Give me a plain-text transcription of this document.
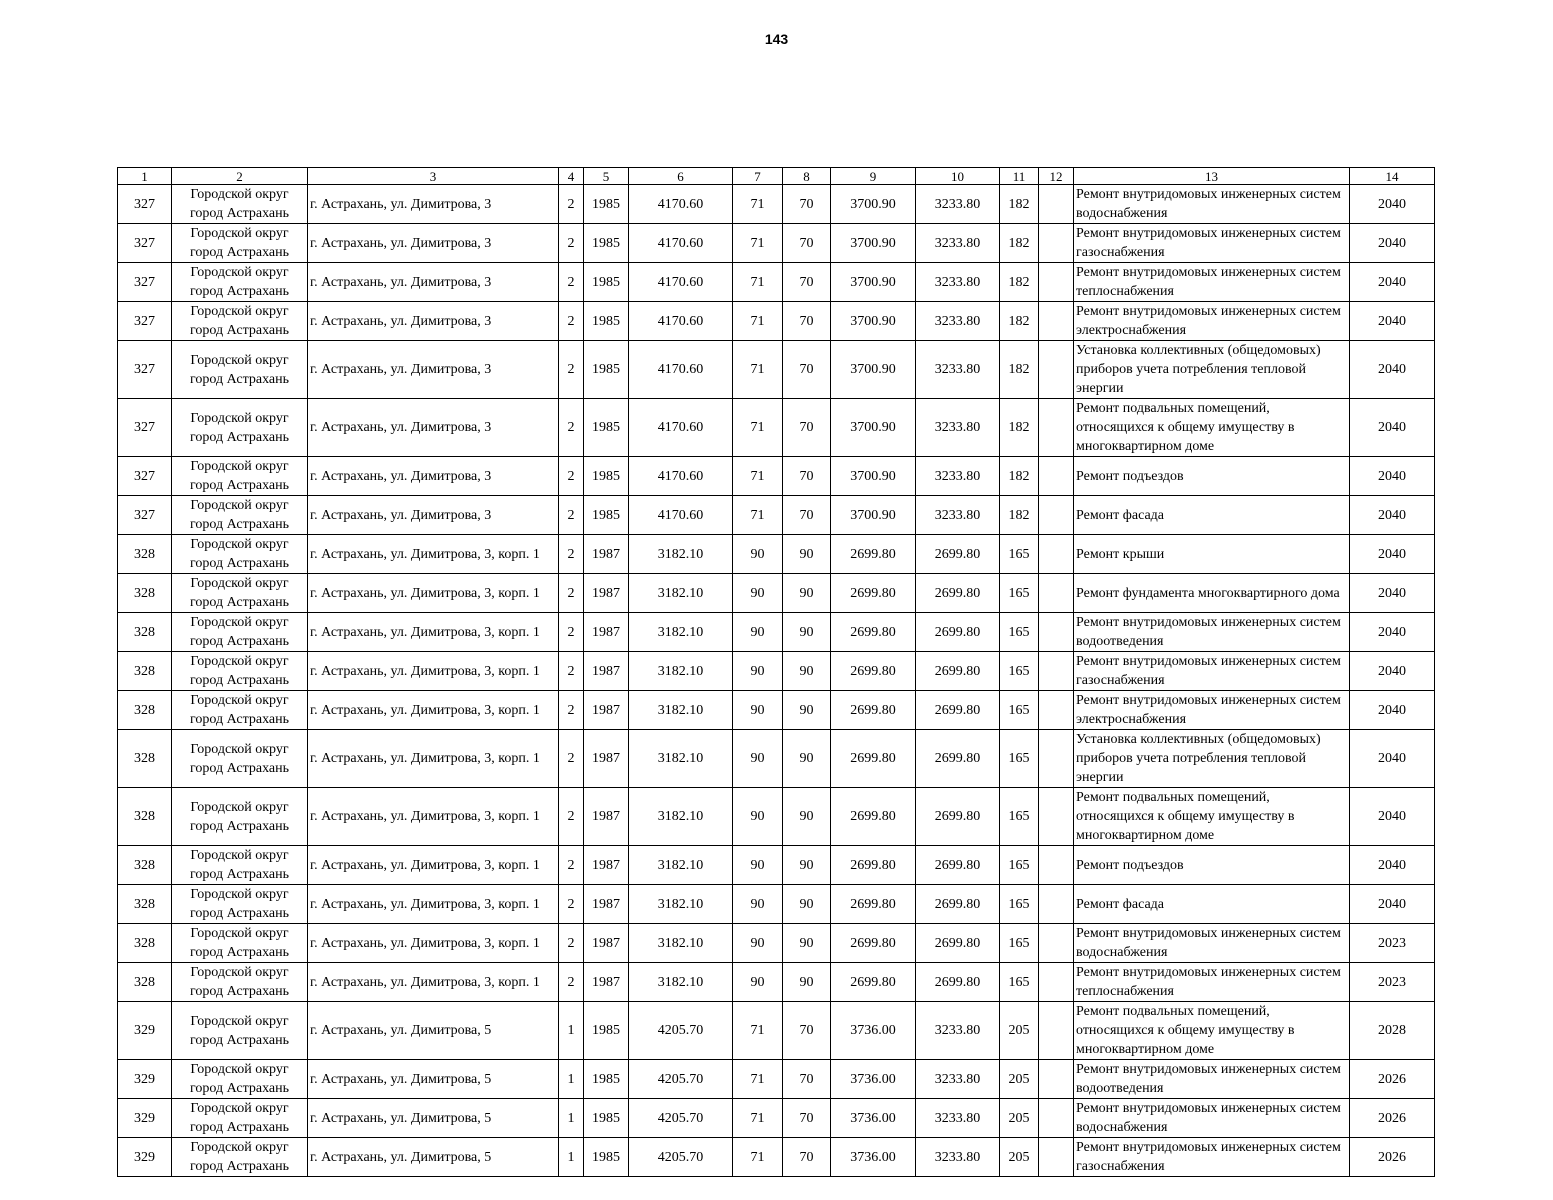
143
1	2	3	4	5	6	7	8	9	10	11	12	13	14
327	Городской округ город Астрахань	г. Астрахань, ул. Димитрова, 3	2	1985	4170.60	71	70	3700.90	3233.80	182		Ремонт внутридомовых инженерных систем водоснабжения	2040
327	Городской округ город Астрахань	г. Астрахань, ул. Димитрова, 3	2	1985	4170.60	71	70	3700.90	3233.80	182		Ремонт внутридомовых инженерных систем газоснабжения	2040
327	Городской округ город Астрахань	г. Астрахань, ул. Димитрова, 3	2	1985	4170.60	71	70	3700.90	3233.80	182		Ремонт внутридомовых инженерных систем теплоснабжения	2040
327	Городской округ город Астрахань	г. Астрахань, ул. Димитрова, 3	2	1985	4170.60	71	70	3700.90	3233.80	182		Ремонт внутридомовых инженерных систем электроснабжения	2040
327	Городской округ город Астрахань	г. Астрахань, ул. Димитрова, 3	2	1985	4170.60	71	70	3700.90	3233.80	182		Установка коллективных (общедомовых) приборов учета потребления тепловой энергии	2040
327	Городской округ город Астрахань	г. Астрахань, ул. Димитрова, 3	2	1985	4170.60	71	70	3700.90	3233.80	182		Ремонт подвальных помещений, относящихся к общему имуществу в многоквартирном доме	2040
327	Городской округ город Астрахань	г. Астрахань, ул. Димитрова, 3	2	1985	4170.60	71	70	3700.90	3233.80	182		Ремонт подъездов	2040
327	Городской округ город Астрахань	г. Астрахань, ул. Димитрова, 3	2	1985	4170.60	71	70	3700.90	3233.80	182		Ремонт фасада	2040
328	Городской округ город Астрахань	г. Астрахань, ул. Димитрова, 3, корп. 1	2	1987	3182.10	90	90	2699.80	2699.80	165		Ремонт крыши	2040
328	Городской округ город Астрахань	г. Астрахань, ул. Димитрова, 3, корп. 1	2	1987	3182.10	90	90	2699.80	2699.80	165		Ремонт фундамента многоквартирного дома	2040
328	Городской округ город Астрахань	г. Астрахань, ул. Димитрова, 3, корп. 1	2	1987	3182.10	90	90	2699.80	2699.80	165		Ремонт внутридомовых инженерных систем водоотведения	2040
328	Городской округ город Астрахань	г. Астрахань, ул. Димитрова, 3, корп. 1	2	1987	3182.10	90	90	2699.80	2699.80	165		Ремонт внутридомовых инженерных систем газоснабжения	2040
328	Городской округ город Астрахань	г. Астрахань, ул. Димитрова, 3, корп. 1	2	1987	3182.10	90	90	2699.80	2699.80	165		Ремонт внутридомовых инженерных систем электроснабжения	2040
328	Городской округ город Астрахань	г. Астрахань, ул. Димитрова, 3, корп. 1	2	1987	3182.10	90	90	2699.80	2699.80	165		Установка коллективных (общедомовых) приборов учета потребления тепловой энергии	2040
328	Городской округ город Астрахань	г. Астрахань, ул. Димитрова, 3, корп. 1	2	1987	3182.10	90	90	2699.80	2699.80	165		Ремонт подвальных помещений, относящихся к общему имуществу в многоквартирном доме	2040
328	Городской округ город Астрахань	г. Астрахань, ул. Димитрова, 3, корп. 1	2	1987	3182.10	90	90	2699.80	2699.80	165		Ремонт подъездов	2040
328	Городской округ город Астрахань	г. Астрахань, ул. Димитрова, 3, корп. 1	2	1987	3182.10	90	90	2699.80	2699.80	165		Ремонт фасада	2040
328	Городской округ город Астрахань	г. Астрахань, ул. Димитрова, 3, корп. 1	2	1987	3182.10	90	90	2699.80	2699.80	165		Ремонт внутридомовых инженерных систем водоснабжения	2023
328	Городской округ город Астрахань	г. Астрахань, ул. Димитрова, 3, корп. 1	2	1987	3182.10	90	90	2699.80	2699.80	165		Ремонт внутридомовых инженерных систем теплоснабжения	2023
329	Городской округ город Астрахань	г. Астрахань, ул. Димитрова, 5	1	1985	4205.70	71	70	3736.00	3233.80	205		Ремонт подвальных помещений, относящихся к общему имуществу в многоквартирном доме	2028
329	Городской округ город Астрахань	г. Астрахань, ул. Димитрова, 5	1	1985	4205.70	71	70	3736.00	3233.80	205		Ремонт внутридомовых инженерных систем водоотведения	2026
329	Городской округ город Астрахань	г. Астрахань, ул. Димитрова, 5	1	1985	4205.70	71	70	3736.00	3233.80	205		Ремонт внутридомовых инженерных систем водоснабжения	2026
329	Городской округ город Астрахань	г. Астрахань, ул. Димитрова, 5	1	1985	4205.70	71	70	3736.00	3233.80	205		Ремонт внутридомовых инженерных систем газоснабжения	2026
